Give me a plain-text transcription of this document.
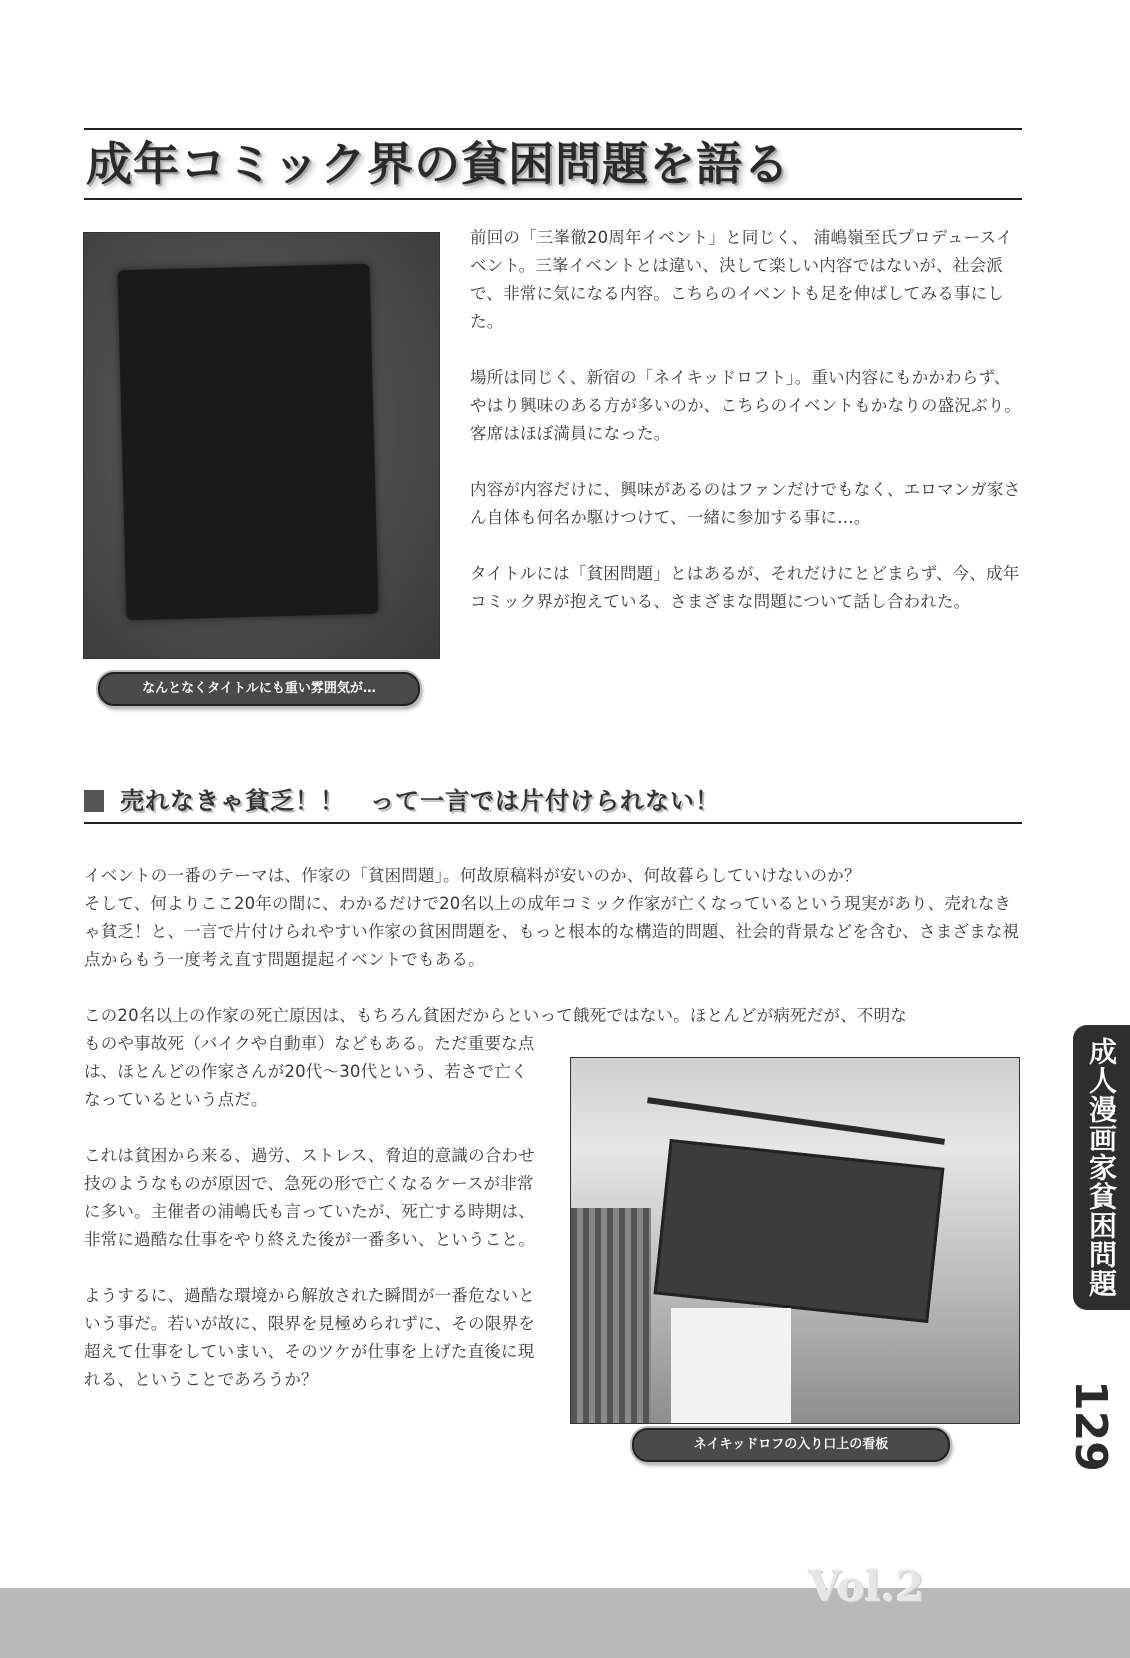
成年コミック界の貧困問題を語る
なんとなくタイトルにも重い雰囲気が…

前回の「三峯徹20周年イベント」と同じく、 浦嶋嶺至氏プロデュースイベント。三峯イベントとは違い、決して楽しい内容ではないが、社会派で、非常に気になる内容。こちらのイベントも足を伸ばしてみる事にした。

場所は同じく、新宿の「ネイキッドロフト」。重い内容にもかかわらず、やはり興味のある方が多いのか、こちらのイベントもかなりの盛況ぶり。客席はほぼ満員になった。

内容が内容だけに、興味があるのはファンだけでもなく、エロマンガ家さん自体も何名か駆けつけて、一緒に参加する事に…。

タイトルには「貧困問題」とはあるが、それだけにとどまらず、今、成年コミック界が抱えている、さまざまな問題について話し合われた。

売れなきゃ貧乏！！　って一言では片付けられない！

イベントの一番のテーマは、作家の「貧困問題」。何故原稿料が安いのか、何故暮らしていけないのか？

そして、何よりここ20年の間に、わかるだけで20名以上の成年コミック作家が亡くなっているという現実があり、売れなきゃ貧乏！と、一言で片付けられやすい作家の貧困問題を、もっと根本的な構造的問題、社会的背景などを含む、さまざまな視点からもう一度考え直す問題提起イベントでもある。

この20名以上の作家の死亡原因は、もちろん貧困だからといって餓死ではない。ほとんどが病死だが、不明な

ものや事故死（バイクや自動車）などもある。ただ重要な点は、ほとんどの作家さんが20代～30代という、若さで亡くなっているという点だ。

これは貧困から来る、過労、ストレス、脅迫的意識の合わせ技のようなものが原因で、急死の形で亡くなるケースが非常に多い。主催者の浦嶋氏も言っていたが、死亡する時期は、非常に過酷な仕事をやり終えた後が一番多い、ということ。

ようするに、過酷な環境から解放された瞬間が一番危ないという事だ。若いが故に、限界を見極められずに、その限界を超えて仕事をしていまい、そのツケが仕事を上げた直後に現れる、ということであろうか？

ネイキッドロフの入り口上の看板
成人漫画家貧困問題
129
Vol.2
